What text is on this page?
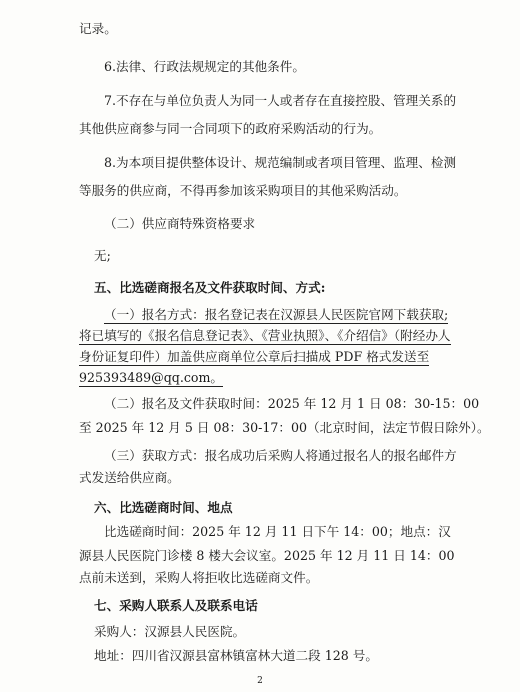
记录。
6.法律、行政法规规定的其他条件。
7.不存在与单位负责人为同一人或者存在直接控股、管理关系的
其他供应商参与同一合同项下的政府采购活动的行为。
8.为本项目提供整体设计、规范编制或者项目管理、监理、检测
等服务的供应商，不得再参加该采购项目的其他采购活动。
（二）供应商特殊资格要求
无;
五、比选磋商报名及文件获取时间、方式:
（一）报名方式：报名登记表在汉源县人民医院官网下载获取;
将已填写的《报名信息登记表》、《营业执照》、《介绍信》（附经办人
身份证复印件）加盖供应商单位公章后扫描成 PDF 格式发送至
925393489@qq.com。
（二）报名及文件获取时间：2025 年 12 月 1 日 08：30-15：00
至 2025 年 12 月 5 日 08：30-17：00（北京时间，法定节假日除外）。
（三）获取方式：报名成功后采购人将通过报名人的报名邮件方
式发送给供应商。
六、比选磋商时间、地点
比选磋商时间：2025 年 12 月 11 日下午 14：00；地点：汉
源县人民医院门诊楼 8 楼大会议室。2025 年 12 月 11 日 14：00
点前未送到，采购人将拒收比选磋商文件。
七、采购人联系人及联系电话
采购人：汉源县人民医院。
地址：四川省汉源县富林镇富林大道二段 128 号。
2
